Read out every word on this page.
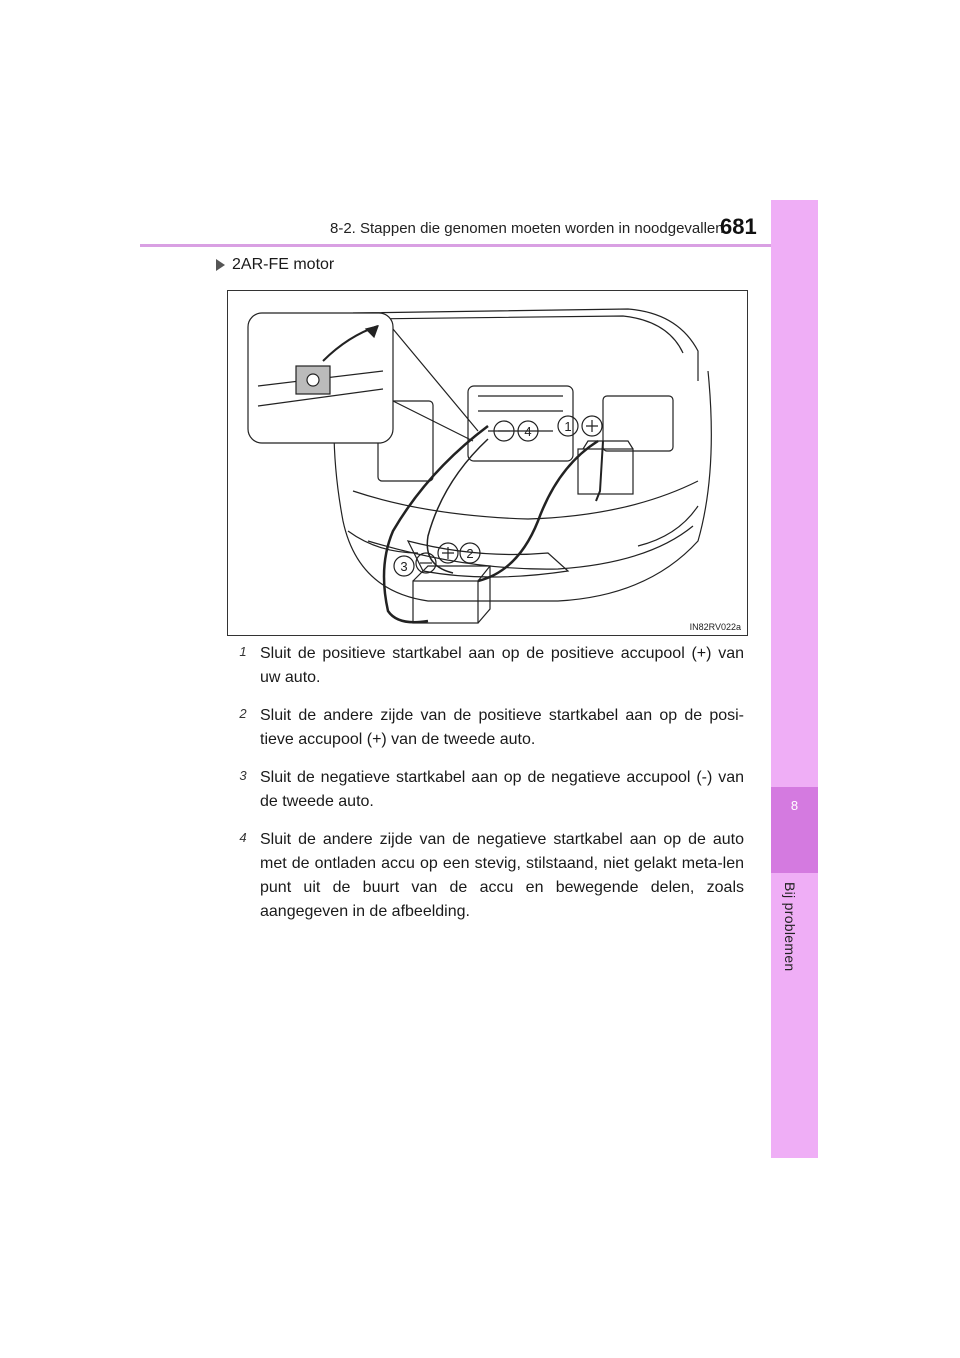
8-2. Stappen die genomen moeten worden in noodgevallen
681
8
Bij problemen
2AR-FE motor
4	1
3
2
IN82RV022a
1 Sluit de positieve startkabel aan op de positieve accupool (+) van uw auto.
2 Sluit de andere zijde van de positieve startkabel aan op de posi-tieve accupool (+) van de tweede auto.
3 Sluit de negatieve startkabel aan op de negatieve accupool (-) van de tweede auto.
4 Sluit de andere zijde van de negatieve startkabel aan op de auto met de ontladen accu op een stevig, stilstaand, niet gelakt meta-len punt uit de buurt van de accu en bewegende delen, zoals aangegeven in de afbeelding.
